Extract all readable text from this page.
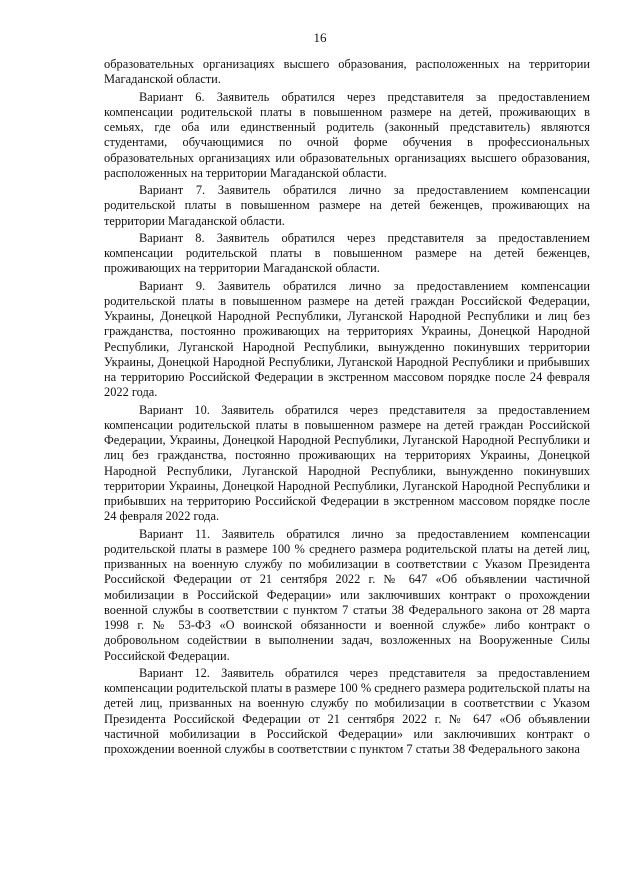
16

образовательных организациях высшего образования, расположенных на территории Магаданской области.

Вариант 6. Заявитель обратился через представителя за предоставлением компенсации родительской платы в повышенном размере на детей, проживающих в семьях, где оба или единственный родитель (законный представитель) являются студентами, обучающимися по очной форме обучения в профессиональных образовательных организациях или образовательных организациях высшего образования, расположенных на территории Магаданской области.

Вариант 7. Заявитель обратился лично за предоставлением компенсации родительской платы в повышенном размере на детей беженцев, проживающих на территории Магаданской области.

Вариант 8. Заявитель обратился через представителя за предоставлением компенсации родительской платы в повышенном размере на детей беженцев, проживающих на территории Магаданской области.

Вариант 9. Заявитель обратился лично за предоставлением компенсации родительской платы в повышенном размере на детей граждан Российской Федерации, Украины, Донецкой Народной Республики, Луганской Народной Республики и лиц без гражданства, постоянно проживающих на территориях Украины, Донецкой Народной Республики, Луганской Народной Республики, вынужденно покинувших территории Украины, Донецкой Народной Республики, Луганской Народной Республики и прибывших на территорию Российской Федерации в экстренном массовом порядке после 24 февраля 2022 года.

Вариант 10. Заявитель обратился через представителя за предоставлением компенсации родительской платы в повышенном размере на детей граждан Российской Федерации, Украины, Донецкой Народной Республики, Луганской Народной Республики и лиц без гражданства, постоянно проживающих на территориях Украины, Донецкой Народной Республики, Луганской Народной Республики, вынужденно покинувших территории Украины, Донецкой Народной Республики, Луганской Народной Республики и прибывших на территорию Российской Федерации в экстренном массовом порядке после 24 февраля 2022 года.

Вариант 11. Заявитель обратился лично за предоставлением компенсации родительской платы в размере 100 % среднего размера родительской платы на детей лиц, призванных на военную службу по мобилизации в соответствии с Указом Президента Российской Федерации от 21 сентября 2022 г. № 647 «Об объявлении частичной мобилизации в Российской Федерации» или заключивших контракт о прохождении военной службы в соответствии с пунктом 7 статьи 38 Федерального закона от 28 марта 1998 г. № 53-ФЗ «О воинской обязанности и военной службе» либо контракт о добровольном содействии в выполнении задач, возложенных на Вооруженные Силы Российской Федерации.

Вариант 12. Заявитель обратился через представителя за предоставлением компенсации родительской платы в размере 100 % среднего размера родительской платы на детей лиц, призванных на военную службу по мобилизации в соответствии с Указом Президента Российской Федерации от 21 сентября 2022 г. № 647 «Об объявлении частичной мобилизации в Российской Федерации» или заключивших контракт о прохождении военной службы в соответствии с пунктом 7 статьи 38 Федерального закона
